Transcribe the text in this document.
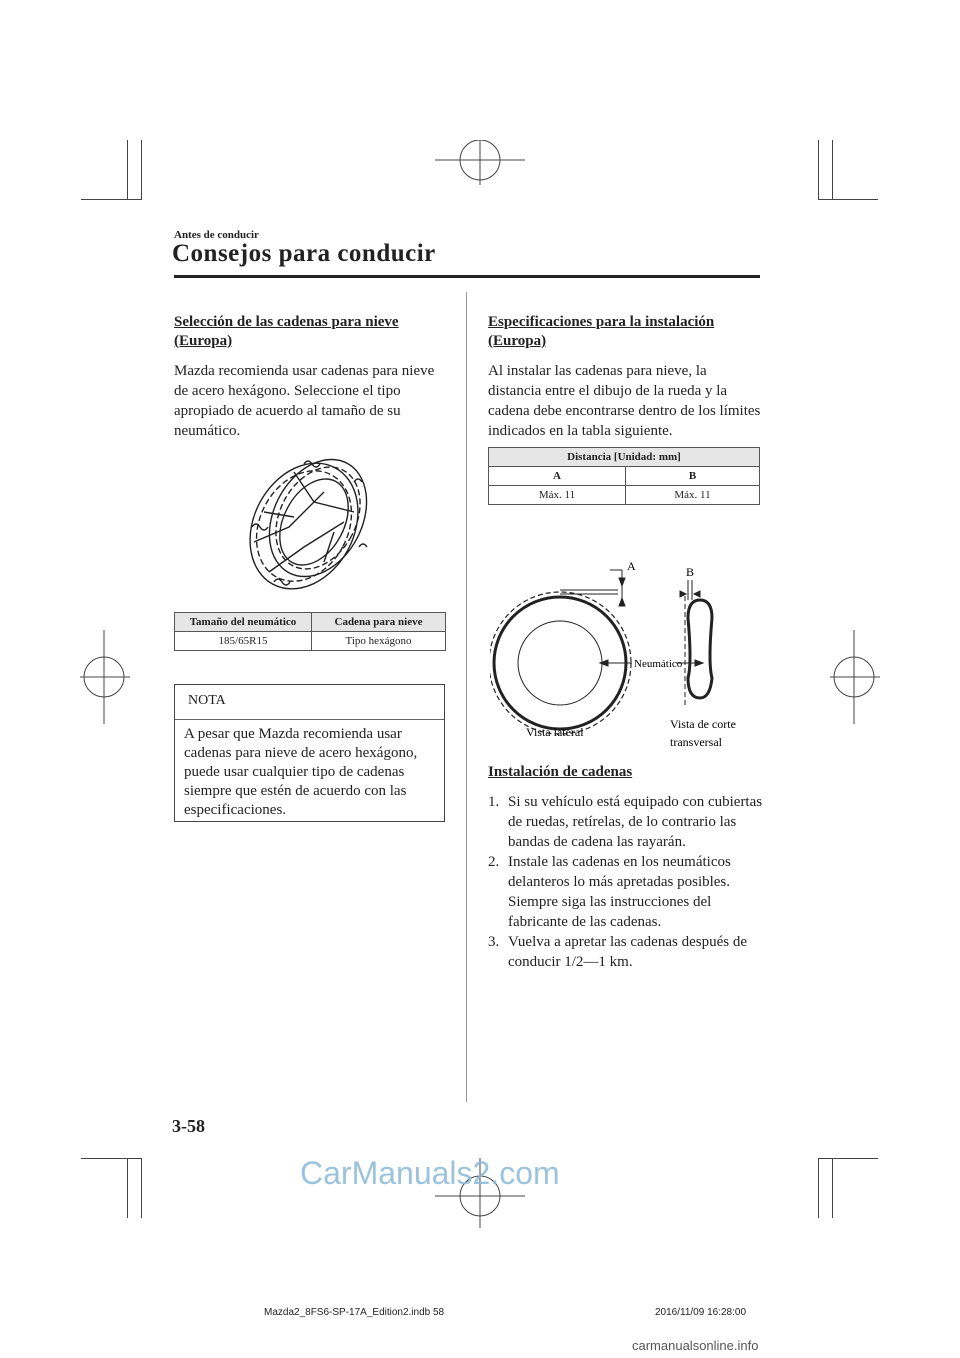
Antes de conducir
Consejos para conducir
Selección de las cadenas para nieve
(Europa)

Mazda recomienda usar cadenas para nieve de acero hexágono. Seleccione el tipo apropiado de acuerdo al tamaño de su neumático.

Tamaño del neumático	Cadena para nieve
185/65R15	Tipo hexágono
NOTA
A pesar que Mazda recomienda usar cadenas para nieve de acero hexágono, puede usar cualquier tipo de cadenas siempre que estén de acuerdo con las especificaciones.
Especificaciones para la instalación
(Europa)

Al instalar las cadenas para nieve, la distancia entre el dibujo de la rueda y la cadena debe encontrarse dentro de los límites indicados en la tabla siguiente.

Distancia [Unidad: mm]	
A	B
Máx. 11	Máx. 11
A	B
Neumático
Vista lateral
Vista de corte
transversal
Instalación de cadenas
1. Si su vehículo está equipado con cubiertas de ruedas, retírelas, de lo contrario las bandas de cadena las rayarán.
2. Instale las cadenas en los neumáticos delanteros lo más apretadas posibles. Siempre siga las instrucciones del fabricante de las cadenas.
3. Vuelva a apretar las cadenas después de conducir 1/2—1 km.
3-58
CarManuals2.com
Mazda2_8FS6-SP-17A_Edition2.indb 58	2016/11/09 16:28:00
carmanualsonline.info
